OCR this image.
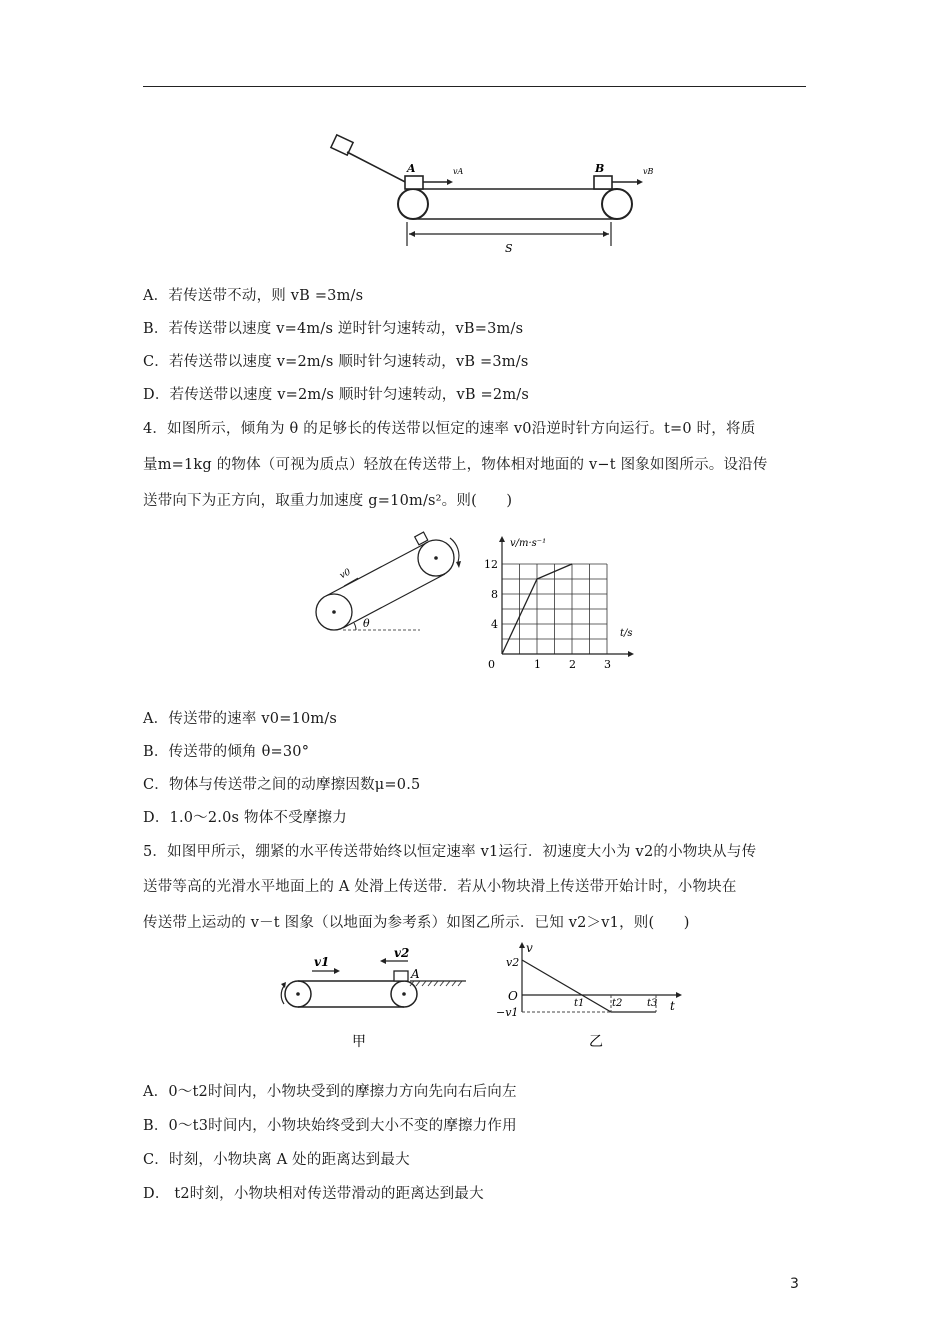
A	B
vA	vB
S
A．若传送带不动，则 vB =3m/s
B．若传送带以速度 v=4m/s 逆时针匀速转动，vB=3m/s
C．若传送带以速度 v=2m/s 顺时针匀速转动，vB =3m/s
D．若传送带以速度 v=2m/s 顺时针匀速转动，vB =2m/s
4．如图所示，倾角为 θ 的足够长的传送带以恒定的速率 v0沿逆时针方向运行。t=0 时，将质
量m=1kg 的物体（可视为质点）轻放在传送带上，物体相对地面的 v−t 图象如图所示。设沿传
送带向下为正方向，取重力加速度 g=10m/s²。则(　　)
v0
θ
0	1	2	3
4
8
12
v/m·s⁻¹
t/s
A．传送带的速率 v0=10m/s
B．传送带的倾角 θ=30°
C．物体与传送带之间的动摩擦因数μ=0.5
D．1.0～2.0s 物体不受摩擦力
5．如图甲所示，绷紧的水平传送带始终以恒定速率 v1运行．初速度大小为 v2的小物块从与传
送带等高的光滑水平地面上的 A 处滑上传送带．若从小物块滑上传送带开始计时，小物块在
传送带上运动的 v－t 图象（以地面为参考系）如图乙所示．已知 v2＞v1，则(　　)
v1
v2
A
甲
v
v2
O
−v1	t
t1	t2 t3
乙
A．0～t2时间内，小物块受到的摩擦力方向先向右后向左
B．0～t3时间内，小物块始终受到大小不变的摩擦力作用
C．时刻，小物块离 A 处的距离达到最大
D． t2时刻，小物块相对传送带滑动的距离达到最大
3
